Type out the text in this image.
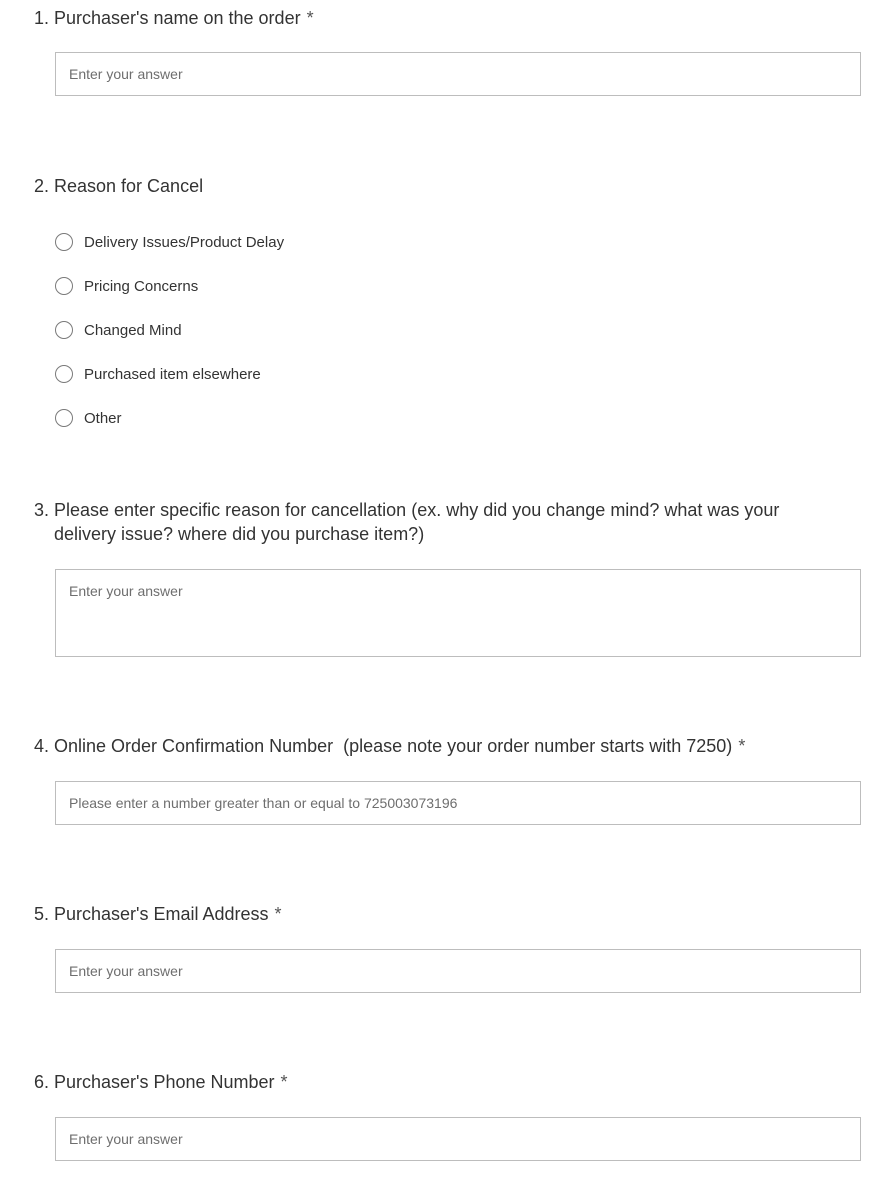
1. Purchaser's name on the order *
Enter your answer
2. Reason for Cancel
Delivery Issues/Product Delay
Pricing Concerns
Changed Mind
Purchased item elsewhere
Other
3. Please enter specific reason for cancellation (ex. why did you change mind? what was your delivery issue? where did you purchase item?)
Enter your answer
4. Online Order Confirmation Number  (please note your order number starts with 7250) *
Please enter a number greater than or equal to 725003073196
5. Purchaser's Email Address *
Enter your answer
6. Purchaser's Phone Number *
Enter your answer
